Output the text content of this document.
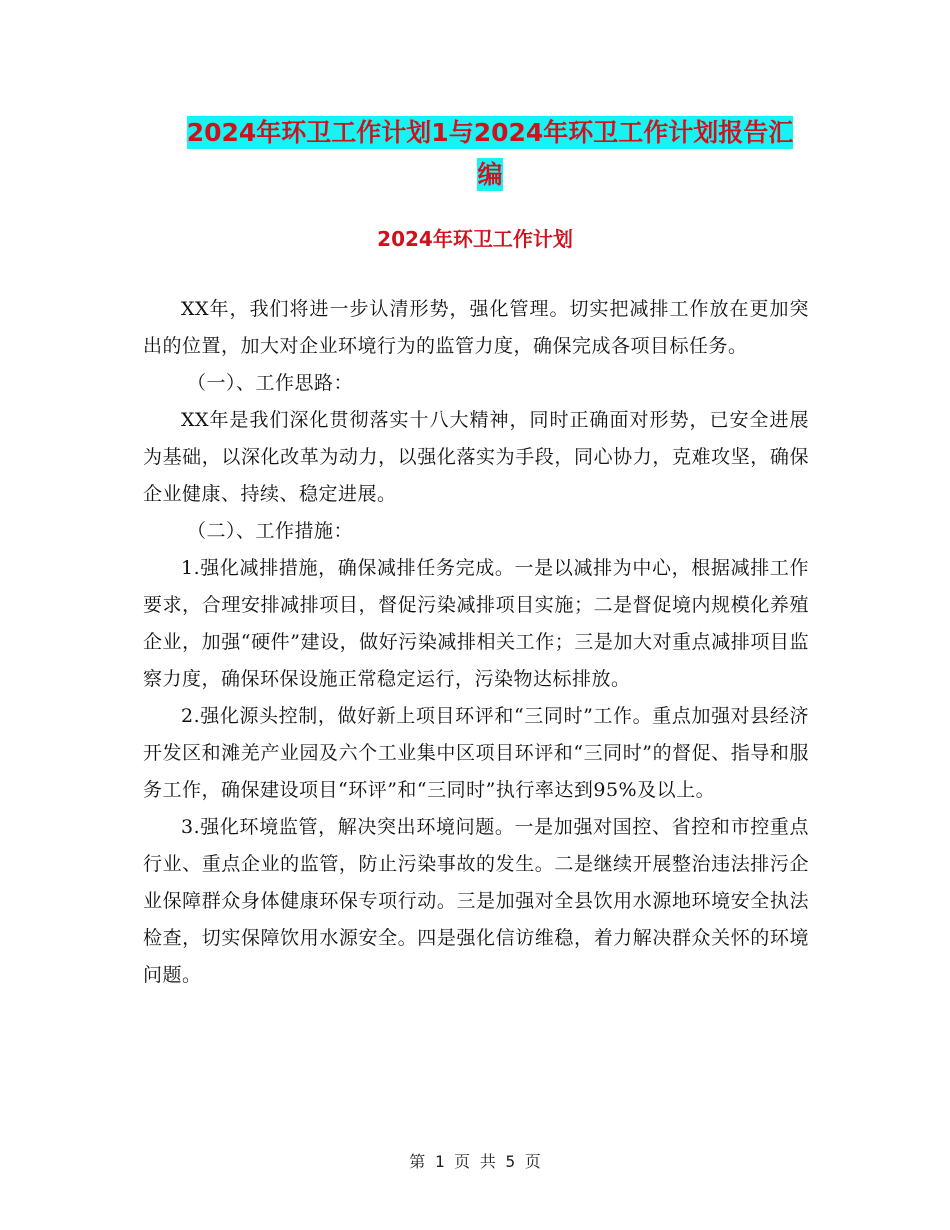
2024年环卫工作计划1与2024年环卫工作计划报告汇
编
2024年环卫工作计划

XX年，我们将进一步认清形势，强化管理。切实把减排工作放在更加突出的位置，加大对企业环境行为的监管力度，确保完成各项目标任务。

（一）、工作思路：

XX年是我们深化贯彻落实十八大精神，同时正确面对形势，已安全进展为基础，以深化改革为动力，以强化落实为手段，同心协力，克难攻坚，确保企业健康、持续、稳定进展。

（二）、工作措施：

1.强化减排措施，确保减排任务完成。一是以减排为中心，根据减排工作要求，合理安排减排项目，督促污染减排项目实施；二是督促境内规模化养殖企业，加强“硬件”建设，做好污染减排相关工作；三是加大对重点减排项目监察力度，确保环保设施正常稳定运行，污染物达标排放。

2.强化源头控制，做好新上项目环评和“三同时”工作。重点加强对县经济开发区和滩羌产业园及六个工业集中区项目环评和“三同时”的督促、指导和服务工作，确保建设项目“环评”和“三同时”执行率达到95%及以上。

3.强化环境监管，解决突出环境问题。一是加强对国控、省控和市控重点行业、重点企业的监管，防止污染事故的发生。二是继续开展整治违法排污企业保障群众身体健康环保专项行动。三是加强对全县饮用水源地环境安全执法检查，切实保障饮用水源安全。四是强化信访维稳，着力解决群众关怀的环境问题。

第 1 页 共 5 页
